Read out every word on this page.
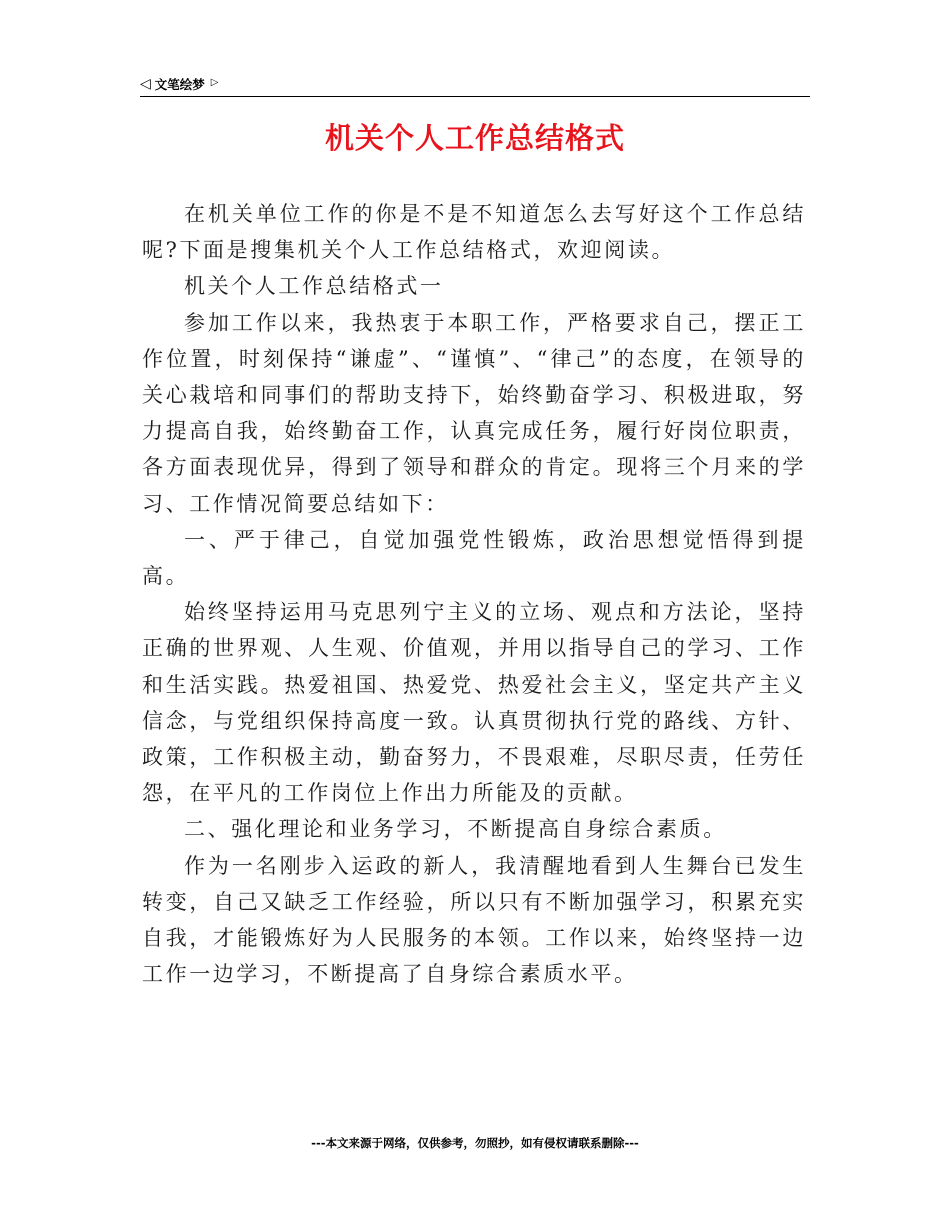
◁ 文笔绘梦 ▷
机关个人工作总结格式

在机关单位工作的你是不是不知道怎么去写好这个工作总结呢?下面是搜集机关个人工作总结格式，欢迎阅读。

机关个人工作总结格式一

参加工作以来，我热衷于本职工作，严格要求自己，摆正工作位置，时刻保持“谦虚”、“谨慎”、“律己”的态度，在领导的关心栽培和同事们的帮助支持下，始终勤奋学习、积极进取，努力提高自我，始终勤奋工作，认真完成任务，履行好岗位职责，各方面表现优异，得到了领导和群众的肯定。现将三个月来的学习、工作情况简要总结如下：

一、严于律己，自觉加强党性锻炼，政治思想觉悟得到提高。

始终坚持运用马克思列宁主义的立场、观点和方法论，坚持正确的世界观、人生观、价值观，并用以指导自己的学习、工作和生活实践。热爱祖国、热爱党、热爱社会主义，坚定共产主义信念，与党组织保持高度一致。认真贯彻执行党的路线、方针、政策，工作积极主动，勤奋努力，不畏艰难，尽职尽责，任劳任怨，在平凡的工作岗位上作出力所能及的贡献。

二、强化理论和业务学习，不断提高自身综合素质。

作为一名刚步入运政的新人，我清醒地看到人生舞台已发生转变，自己又缺乏工作经验，所以只有不断加强学习，积累充实自我，才能锻炼好为人民服务的本领。工作以来，始终坚持一边工作一边学习，不断提高了自身综合素质水平。

---本文来源于网络，仅供参考，勿照抄，如有侵权请联系删除---
